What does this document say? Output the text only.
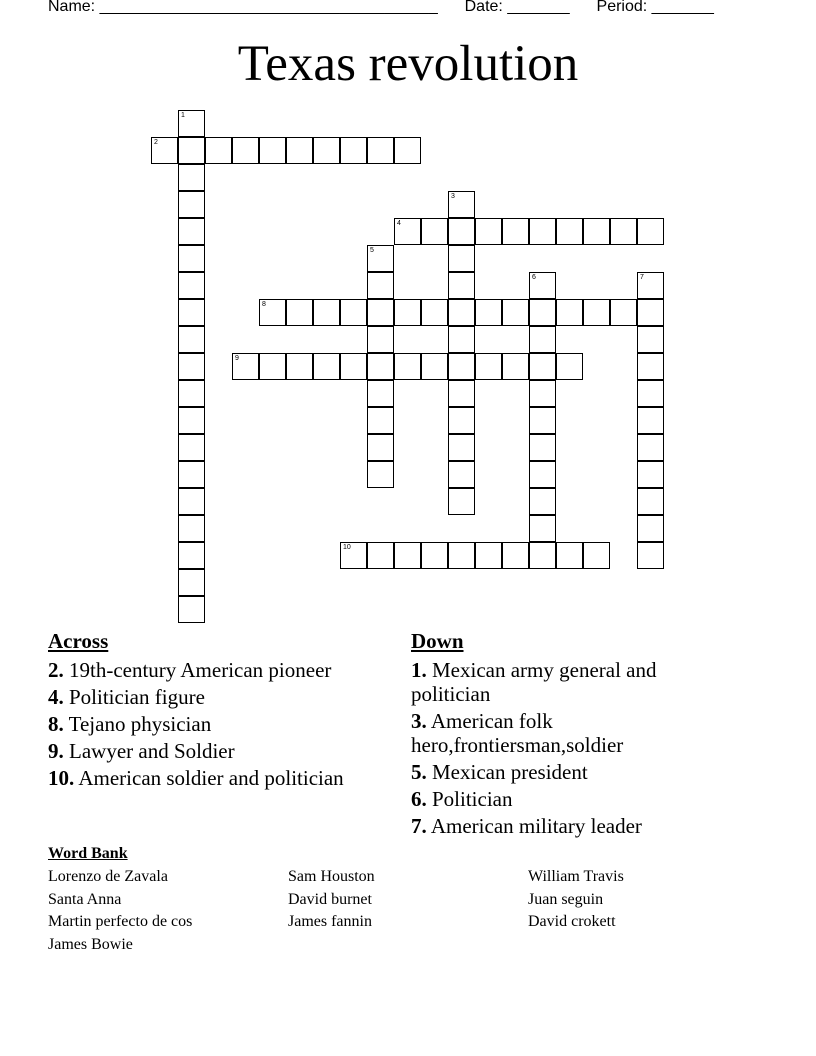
Name: ______________________________________ Date: _______ Period: _______
Texas revolution
1
2
3
4
5
6	7
8
9
10
Across
2. 19th-century American pioneer
4. Politician figure
8. Tejano physician
9. Lawyer and Soldier
10. American soldier and politician
Down
1. Mexican army general and politician
3. American folk hero,frontiersman,soldier
5. Mexican president
6. Politician
7. American military leader
Word Bank
Lorenzo de Zavala	Sam Houston	William Travis
Santa Anna	David burnet	Juan seguin
Martin perfecto de cos	James fannin	David crokett
James Bowie
